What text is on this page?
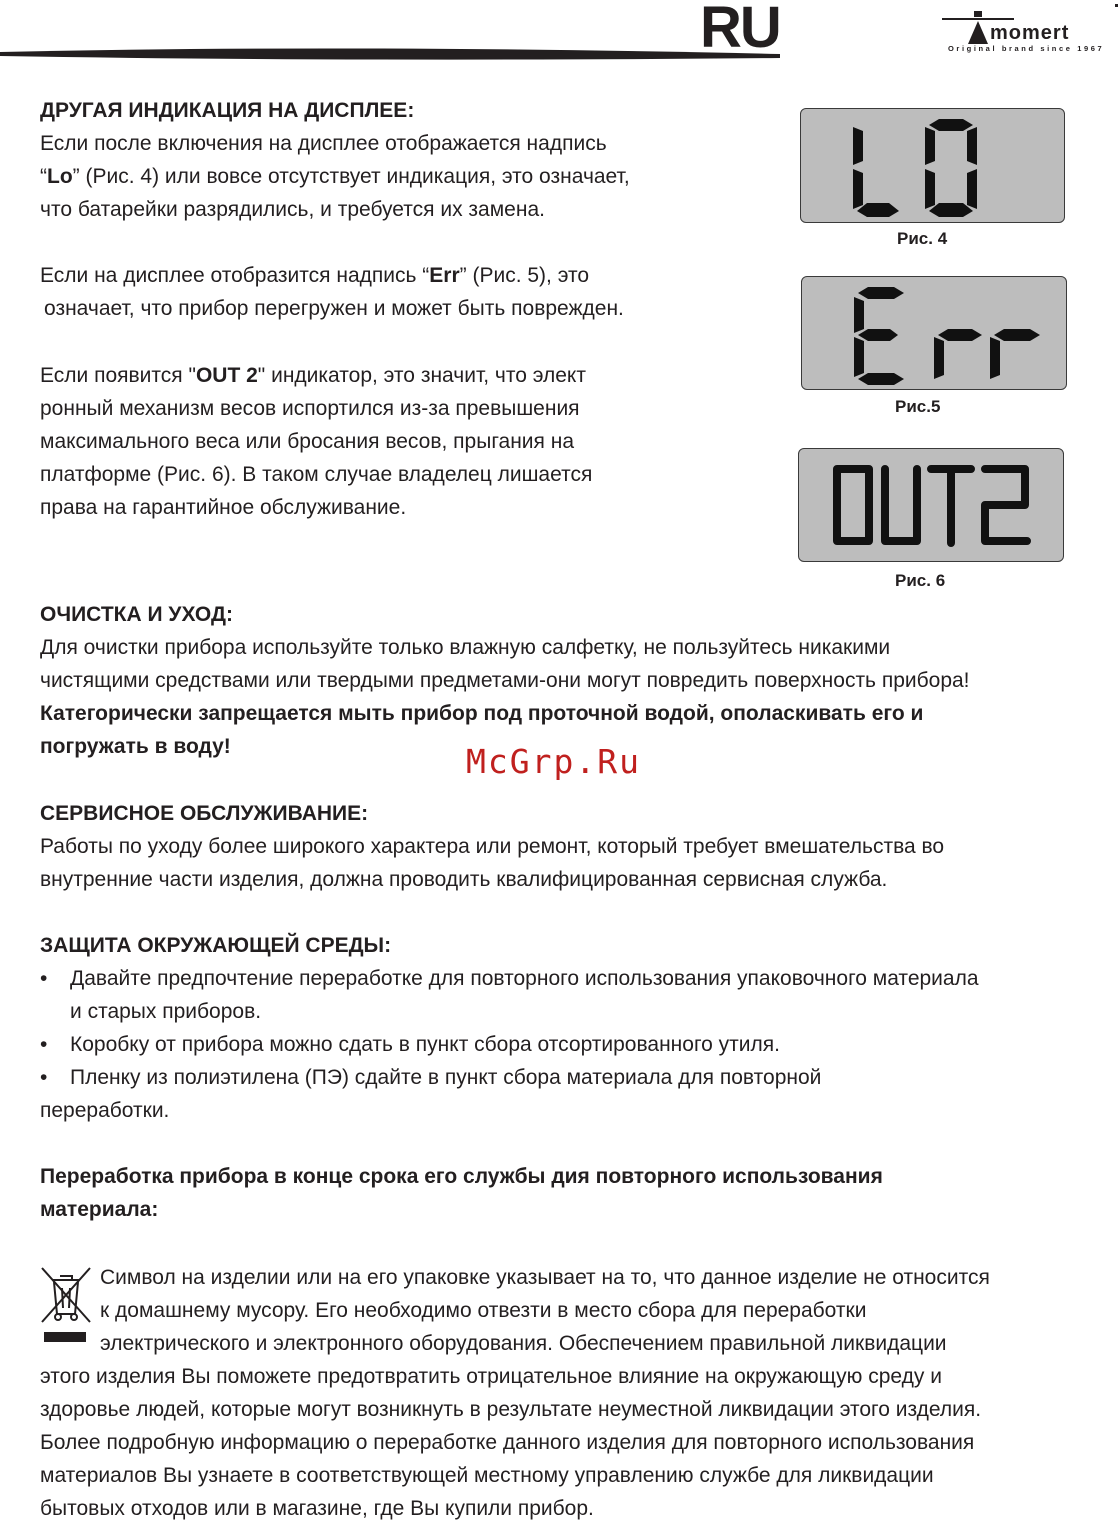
RU	momert
Original brand since 1967
Рис. 4
Рис.5
Рис. 6
ДРУГАЯ ИНДИКАЦИЯ НА ДИСПЛЕЕ:
Если после включения на дисплее отображается надпись
“Lo” (Рис. 4) или вовсе отсутствует индикация, это означает,
что батарейки разрядились, и требуется их замена.
Если на дисплее отобразится надпись “Err” (Рис. 5), это
означает, что прибор перегружен и может быть поврежден.
Если появится "OUT 2" индикатор, это значит, что элект
ронный механизм весов испортился из-за превышения
максимального веса или бросания весов, прыгания на
платформе (Рис. 6). В таком случае владелец лишается
права на гарантийное обслуживание.
ОЧИСТКА И УХОД:
Для очистки прибора используйте только влажную салфетку, не пользуйтесь никакими
чистящими средствами или твердыми предметами-они могут повредить поверхность прибора!
Категорически запрещается мыть прибор под проточной водой, ополаскивать его и
погружать в воду!	McGrp.Ru
СЕРВИСНОЕ ОБСЛУЖИВАНИЕ:
Работы по уходу более широкого характера или ремонт, который требует вмешательства во
внутренние части изделия, должна проводить квалифицированная сервисная служба.
ЗАЩИТА ОКРУЖАЮЩЕЙ СРЕДЫ:
• Давайте предпочтение переработке для повторного использования упаковочного материала
и старых приборов.
• Коробку от прибора можно сдать в пункт сбора отсортированного утиля.
• Пленку из полиэтилена (ПЭ) сдайте в пункт сбора материала для повторной
переработки.
Переработка прибора в конце срока его службы дия повторного использования
материала:
Символ на изделии или на его упаковке указывает на то, что данное изделие не относится
к домашнему мусору. Его необходимо отвезти в место сбора для переработки
электрического и электронного оборудования. Обеспечением правильной ликвидации
этого изделия Вы поможете предотвратить отрицательное влияние на окружающую среду и
здоровье людей, которые могут возникнуть в результате неуместной ликвидации этого изделия.
Более подробную информацию о переработке данного изделия для повторного использования
материалов Вы узнаете в соответствующей местному управлению службе для ликвидации
бытовых отходов или в магазине, где Вы купили прибор.
